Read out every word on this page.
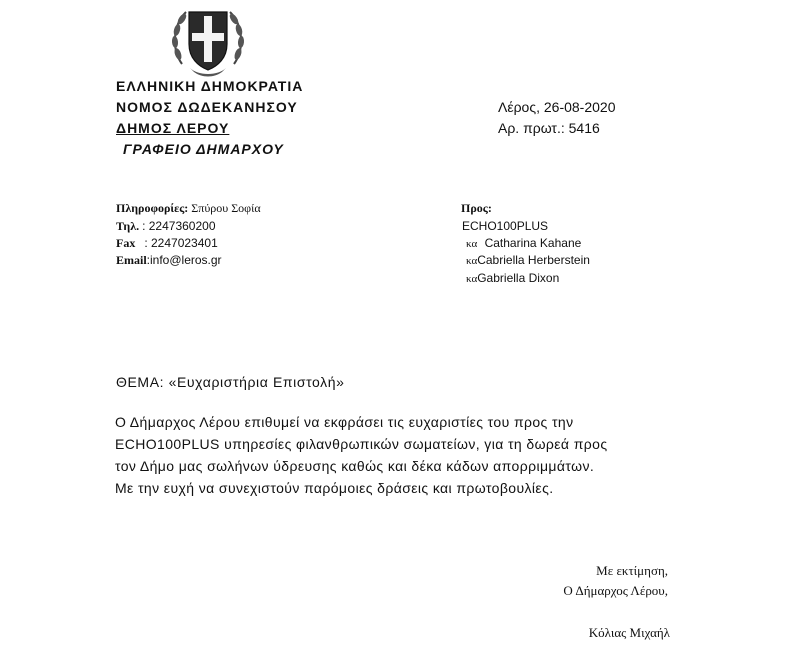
ΕΛΛΗΝΙΚΗ ΔΗΜΟΚΡΑΤΙΑ
ΝΟΜΟΣ ΔΩΔΕΚΑΝΗΣΟΥ
ΔΗΜΟΣ ΛΕΡΟΥ
ΓΡΑΦΕΙΟ ΔΗΜΑΡΧΟΥ
Λέρος, 26-08-2020
Αρ. πρωτ.: 5416
Πληροφορίες: Σπύρου Σοφία
Τηλ. : 2247360200
Fax : 2247023401
Email:info@leros.gr
Προς:
ECHO100PLUS
κα Catharina Kahane
καCabriella Herberstein
καGabriella Dixon
ΘΕΜΑ: «Ευχαριστήρια Επιστολή»
Ο Δήμαρχος Λέρου επιθυμεί να εκφράσει τις ευχαριστίες του προς την
ECHO100PLUS υπηρεσίες φιλανθρωπικών σωματείων, για τη δωρεά προς
τον Δήμο μας σωλήνων ύδρευσης καθώς και δέκα κάδων απορριμμάτων.
Με την ευχή να συνεχιστούν παρόμοιες δράσεις και πρωτοβουλίες.
Με εκτίμηση,
Ο Δήμαρχος Λέρου,
Κόλιας Μιχαήλ
